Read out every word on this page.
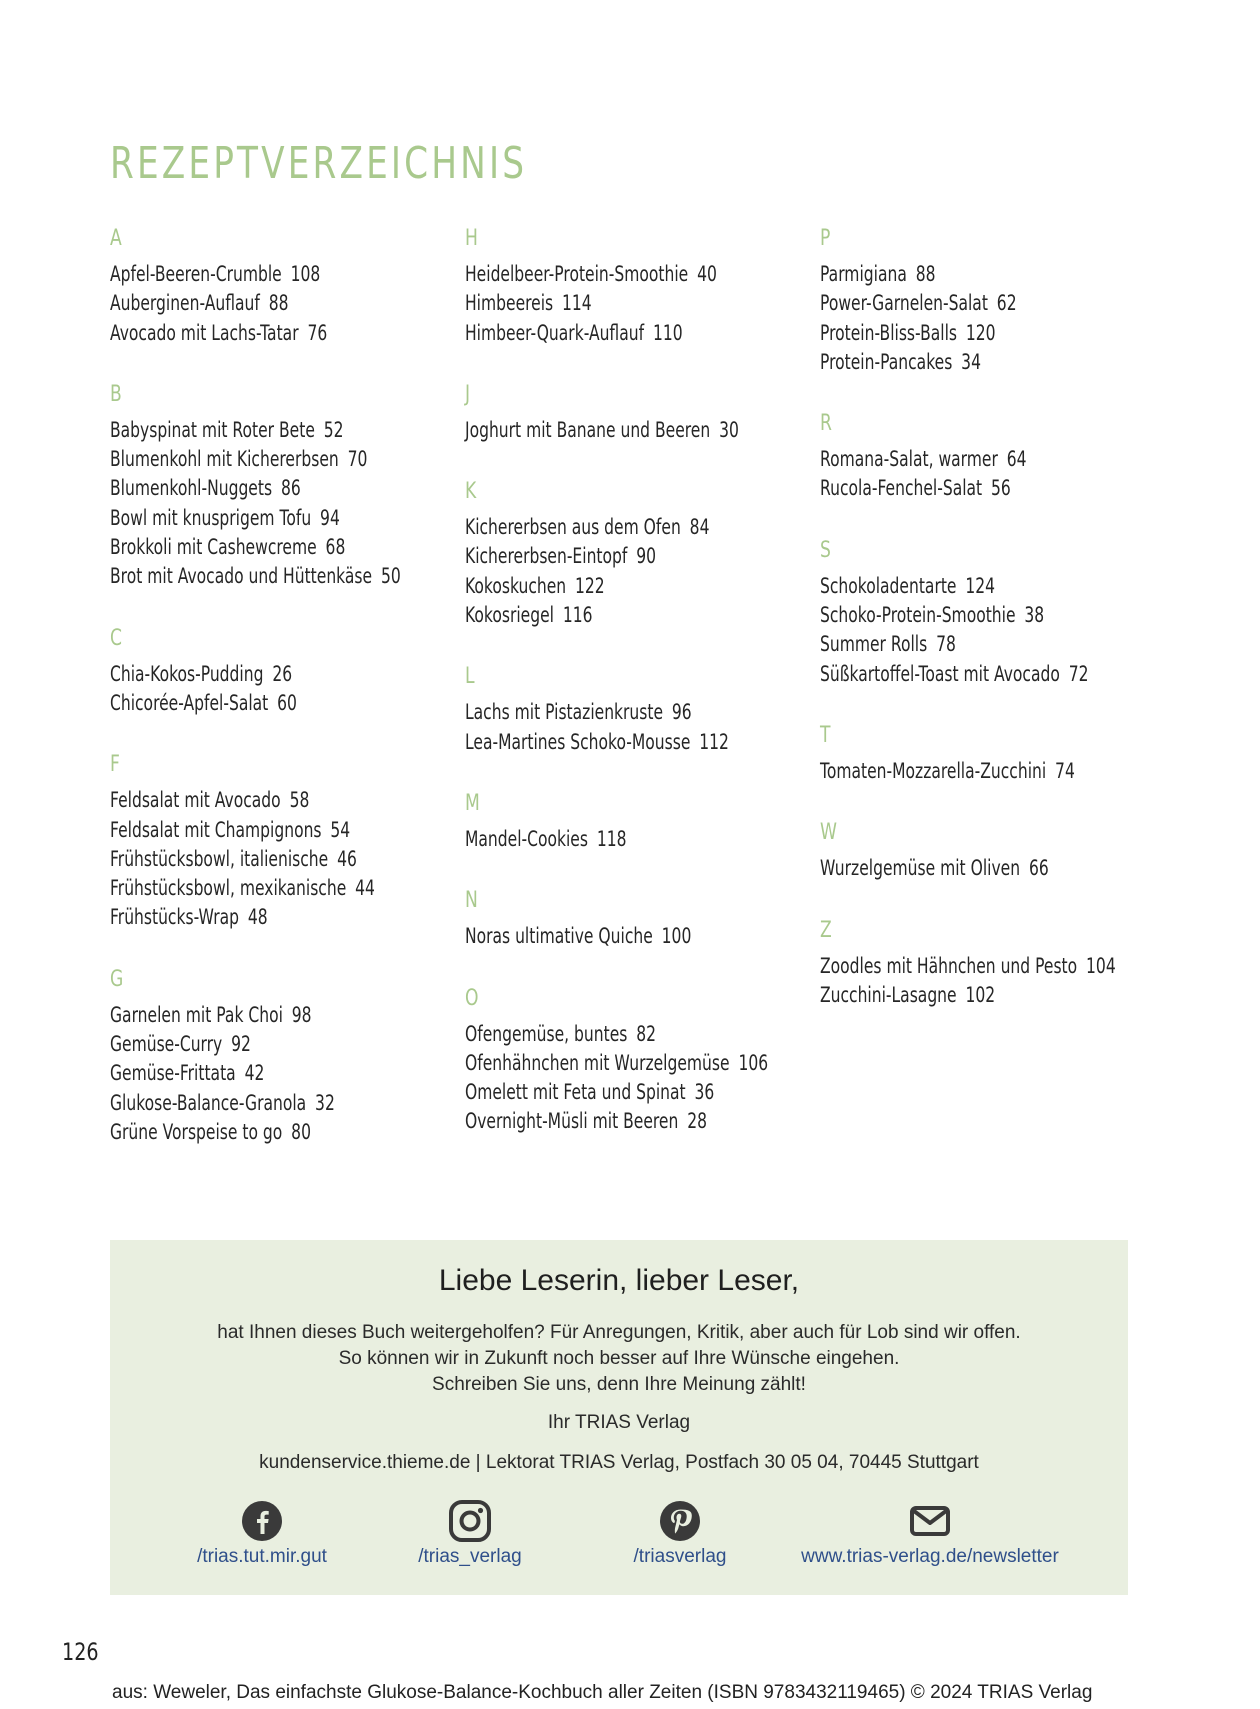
REZEPTVERZEICHNIS
A
Apfel-Beeren-Crumble 108
Auberginen-Auflauf 88
Avocado mit Lachs-Tatar 76
B
Babyspinat mit Roter Bete 52
Blumenkohl mit Kichererbsen 70
Blumenkohl-Nuggets 86
Bowl mit knusprigem Tofu 94
Brokkoli mit Cashewcreme 68
Brot mit Avocado und Hüttenkäse 50
C
Chia-Kokos-Pudding 26
Chicorée-Apfel-Salat 60
F
Feldsalat mit Avocado 58
Feldsalat mit Champignons 54
Frühstücksbowl, italienische 46
Frühstücksbowl, mexikanische 44
Frühstücks-Wrap 48
G
Garnelen mit Pak Choi 98
Gemüse-Curry 92
Gemüse-Frittata 42
Glukose-Balance-Granola 32
Grüne Vorspeise to go 80
H
Heidelbeer-Protein-Smoothie 40
Himbeereis 114
Himbeer-Quark-Auflauf 110
J
Joghurt mit Banane und Beeren 30
K
Kichererbsen aus dem Ofen 84
Kichererbsen-Eintopf 90
Kokoskuchen 122
Kokosriegel 116
L
Lachs mit Pistazienkruste 96
Lea-Martines Schoko-Mousse 112
M
Mandel-Cookies 118
N
Noras ultimative Quiche 100
O
Ofengemüse, buntes 82
Ofenhähnchen mit Wurzelgemüse 106
Omelett mit Feta und Spinat 36
Overnight-Müsli mit Beeren 28
P
Parmigiana 88
Power-Garnelen-Salat 62
Protein-Bliss-Balls 120
Protein-Pancakes 34
R
Romana-Salat, warmer 64
Rucola-Fenchel-Salat 56
S
Schokoladentarte 124
Schoko-Protein-Smoothie 38
Summer Rolls 78
Süßkartoffel-Toast mit Avocado 72
T
Tomaten-Mozzarella-Zucchini 74
W
Wurzelgemüse mit Oliven 66
Z
Zoodles mit Hähnchen und Pesto 104
Zucchini-Lasagne 102
Liebe Leserin, lieber Leser,
hat Ihnen dieses Buch weitergeholfen? Für Anregungen, Kritik, aber auch für Lob sind wir offen.
So können wir in Zukunft noch besser auf Ihre Wünsche eingehen.
Schreiben Sie uns, denn Ihre Meinung zählt!
Ihr TRIAS Verlag
kundenservice.thieme.de | Lektorat TRIAS Verlag, Postfach 30 05 04, 70445 Stuttgart
/trias.tut.mir.gut	/trias_verlag	/triasverlag	www.trias-verlag.de/newsletter
126
aus: Weweler, Das einfachste Glukose-Balance-Kochbuch aller Zeiten (ISBN 9783432119465) © 2024 TRIAS Verlag
